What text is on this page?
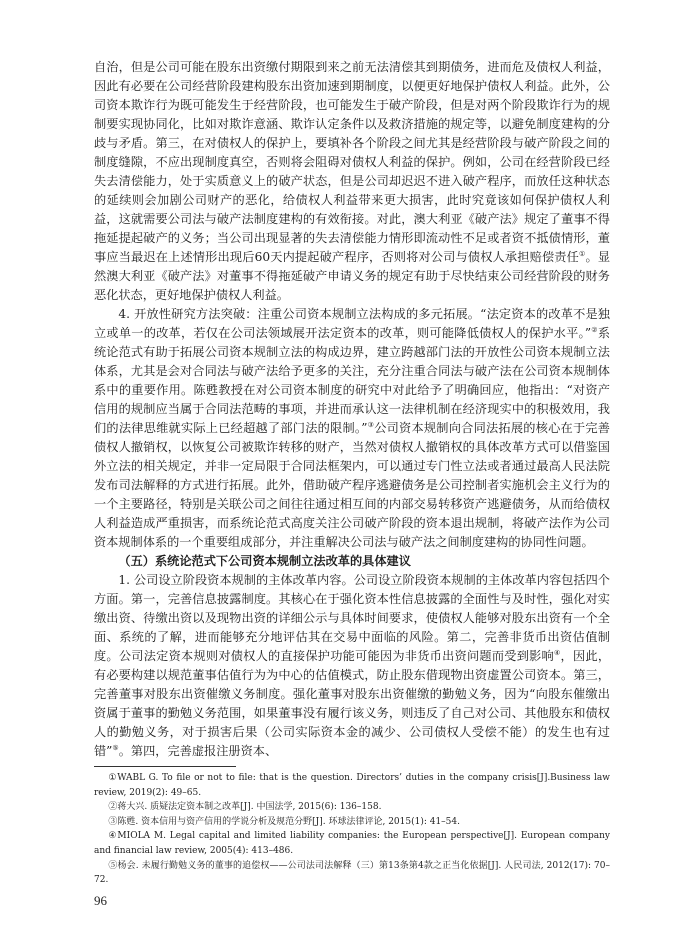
自治，但是公司可能在股东出资缴付期限到来之前无法清偿其到期债务，进而危及债权人利益，因此有必要在公司经营阶段建构股东出资加速到期制度，以便更好地保护债权人利益。此外，公司资本欺诈行为既可能发生于经营阶段，也可能发生于破产阶段，但是对两个阶段欺诈行为的规制要实现协同化，比如对欺诈意涵、欺诈认定条件以及救济措施的规定等，以避免制度建构的分歧与矛盾。第三，在对债权人的保护上，要填补各个阶段之间尤其是经营阶段与破产阶段之间的制度缝隙，不应出现制度真空，否则将会阻碍对债权人利益的保护。例如，公司在经营阶段已经失去清偿能力，处于实质意义上的破产状态，但是公司却迟迟不进入破产程序，而放任这种状态的延续则会加剧公司财产的恶化，给债权人利益带来更大损害，此时究竟该如何保护债权人利益，这就需要公司法与破产法制度建构的有效衔接。对此，澳大利亚《破产法》规定了董事不得拖延提起破产的义务；当公司出现显著的失去清偿能力情形即流动性不足或者资不抵债情形，董事应当最迟在上述情形出现后60天内提起破产程序，否则将对公司与债权人承担赔偿责任①。显然澳大利亚《破产法》对董事不得拖延破产申请义务的规定有助于尽快结束公司经营阶段的财务恶化状态，更好地保护债权人利益。

4. 开放性研究方法突破：注重公司资本规制立法构成的多元拓展。“法定资本的改革不是独立或单一的改革，若仅在公司法领域展开法定资本的改革，则可能降低债权人的保护水平。”②系统论范式有助于拓展公司资本规制立法的构成边界，建立跨越部门法的开放性公司资本规制立法体系，尤其是会对合同法与破产法给予更多的关注，充分注重合同法与破产法在公司资本规制体系中的重要作用。陈甦教授在对公司资本制度的研究中对此给予了明确回应，他指出：“对资产信用的规制应当属于合同法范畴的事项，并进而承认这一法律机制在经济现实中的积极效用，我们的法律思维就实际上已经超越了部门法的限制。”③公司资本规制向合同法拓展的核心在于完善债权人撤销权，以恢复公司被欺诈转移的财产，当然对债权人撤销权的具体改革方式可以借鉴国外立法的相关规定，并非一定局限于合同法框架内，可以通过专门性立法或者通过最高人民法院发布司法解释的方式进行拓展。此外，借助破产程序逃避债务是公司控制者实施机会主义行为的一个主要路径，特别是关联公司之间往往通过相互间的内部交易转移资产逃避债务，从而给债权人利益造成严重损害，而系统论范式高度关注公司破产阶段的资本退出规制，将破产法作为公司资本规制体系的一个重要组成部分，并注重解决公司法与破产法之间制度建构的协同性问题。

（五）系统论范式下公司资本规制立法改革的具体建议

1. 公司设立阶段资本规制的主体改革内容。公司设立阶段资本规制的主体改革内容包括四个方面。第一，完善信息披露制度。其核心在于强化资本性信息披露的全面性与及时性，强化对实缴出资、待缴出资以及现物出资的详细公示与具体时间要求，使债权人能够对股东出资有一个全面、系统的了解，进而能够充分地评估其在交易中面临的风险。第二，完善非货币出资估值制度。公司法定资本规则对债权人的直接保护功能可能因为非货币出资问题而受到影响④，因此，有必要构建以规范董事估值行为为中心的估值模式，防止股东借现物出资虚置公司资本。第三，完善董事对股东出资催缴义务制度。强化董事对股东出资催缴的勤勉义务，因为“向股东催缴出资属于董事的勤勉义务范围，如果董事没有履行该义务，则违反了自己对公司、其他股东和债权人的勤勉义务，对于损害后果（公司实际资本金的减少、公司债权人受偿不能）的发生也有过错”⑤。第四，完善虚报注册资本、

①WABL G. To file or not to file: that is the question. Directors’ duties in the company crisis[J].Business law review, 2019(2): 49–65.

②蒋大兴. 质疑法定资本制之改革[J]. 中国法学, 2015(6): 136–158.

③陈甦. 资本信用与资产信用的学说分析及规范分野[J]. 环球法律评论, 2015(1): 41–54.

④MIOLA M. Legal capital and limited liability companies: the European perspective[J]. European company and financial law review, 2005(4): 413–486.

⑤杨会. 未履行勤勉义务的董事的追偿权——公司法司法解释（三）第13条第4款之正当化依据[J]. 人民司法, 2012(17): 70–72.

96
